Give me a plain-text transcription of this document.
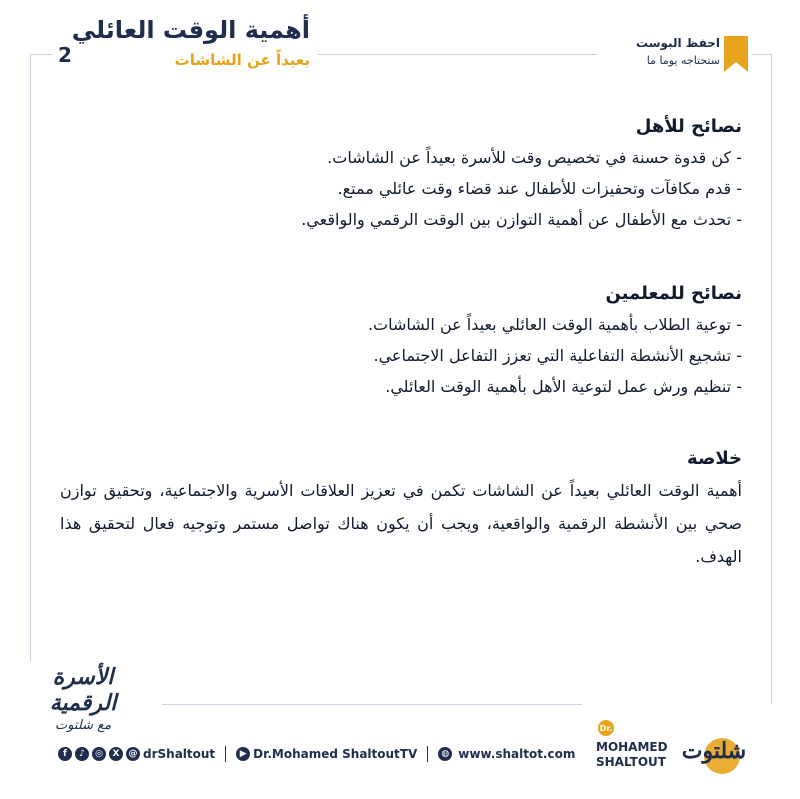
أهمية الوقت العائلي
بعيداً عن الشاشات
2	احفظ البوست
ستحتاجه يوما ما
نصائح للأهل
- كن قدوة حسنة في تخصيص وقت للأسرة بعيداً عن الشاشات.
- قدم مكافآت وتحفيزات للأطفال عند قضاء وقت عائلي ممتع.
- تحدث مع الأطفال عن أهمية التوازن بين الوقت الرقمي والواقعي.
نصائح للمعلمين
- توعية الطلاب بأهمية الوقت العائلي بعيداً عن الشاشات.
- تشجيع الأنشطة التفاعلية التي تعزز التفاعل الاجتماعي.
- تنظيم ورش عمل لتوعية الأهل بأهمية الوقت العائلي.
خلاصة
أهمية الوقت العائلي بعيداً عن الشاشات تكمن في تعزيز العلاقات الأسرية والاجتماعية، وتحقيق توازن صحي بين الأنشطة الرقمية والواقعية، ويجب أن يكون هناك تواصل مستمر وتوجيه فعال لتحقيق هذا الهدف.
الأسرة الرقمية
مع شلتوت
f	♪	◎	X	@ drShaltout	▶ Dr.Mohamed ShaltoutTV	◍ www.shaltot.com
Dr.
MOHAMED
SHALTOUT شلتوت
